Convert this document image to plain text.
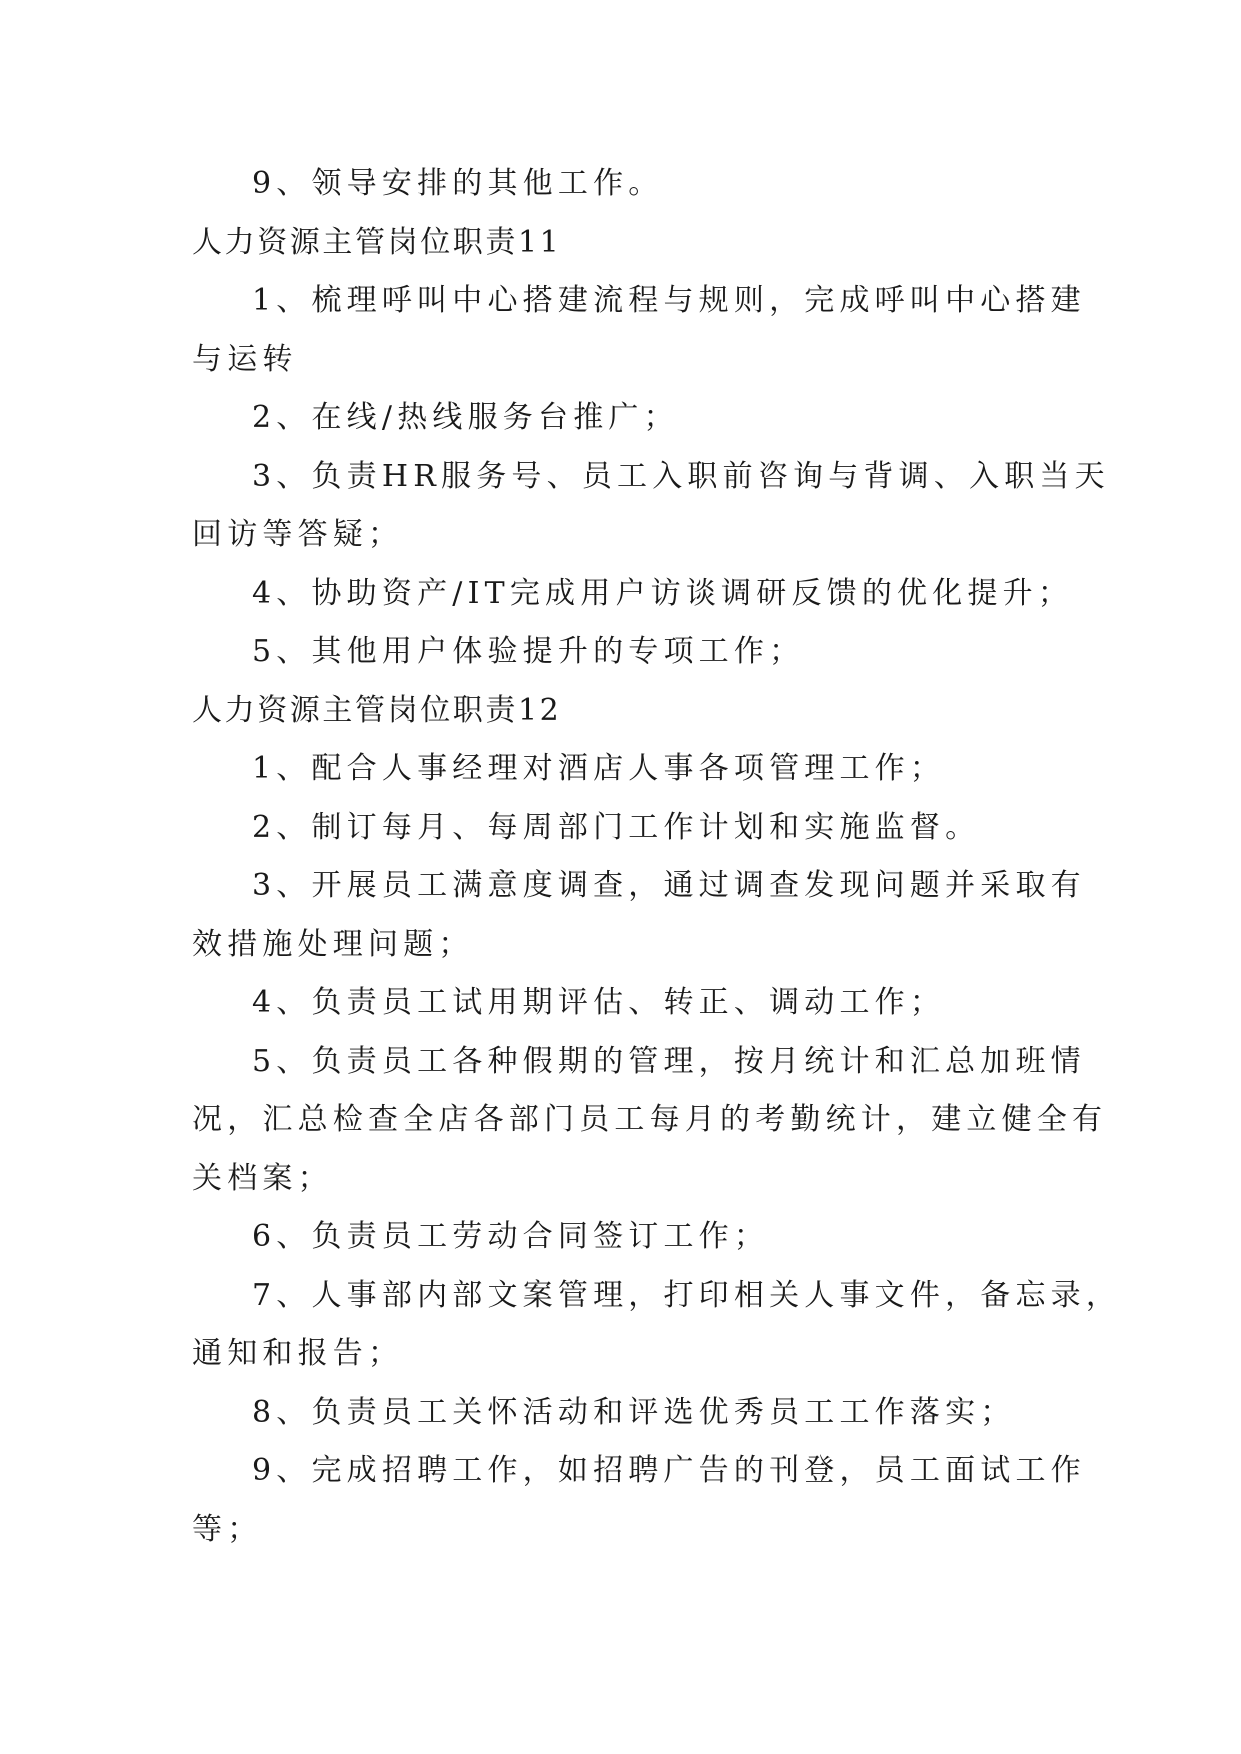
9、领导安排的其他工作。
人力资源主管岗位职责11
1、梳理呼叫中心搭建流程与规则，完成呼叫中心搭建
与运转
2、在线/热线服务台推广；
3、负责HR服务号、员工入职前咨询与背调、入职当天
回访等答疑；
4、协助资产/IT完成用户访谈调研反馈的优化提升；
5、其他用户体验提升的专项工作；
人力资源主管岗位职责12
1、配合人事经理对酒店人事各项管理工作；
2、制订每月、每周部门工作计划和实施监督。
3、开展员工满意度调查，通过调查发现问题并采取有
效措施处理问题；
4、负责员工试用期评估、转正、调动工作；
5、负责员工各种假期的管理，按月统计和汇总加班情
况，汇总检查全店各部门员工每月的考勤统计，建立健全有
关档案；
6、负责员工劳动合同签订工作；
7、人事部内部文案管理，打印相关人事文件，备忘录，
通知和报告；
8、负责员工关怀活动和评选优秀员工工作落实；
9、完成招聘工作，如招聘广告的刊登，员工面试工作
等；
